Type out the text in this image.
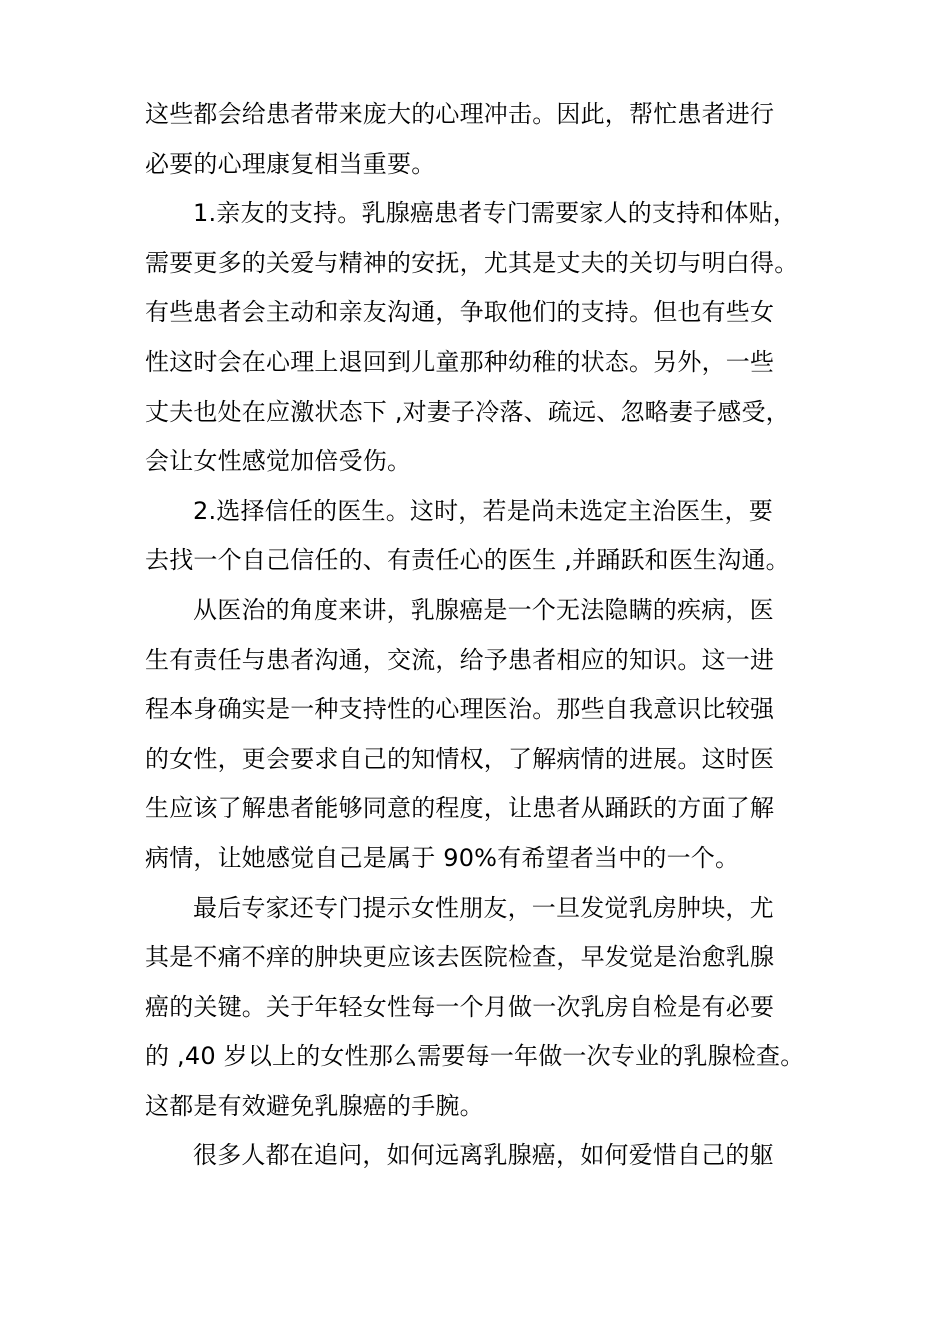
这些都会给患者带来庞大的心理冲击。因此，帮忙患者进行
必要的心理康复相当重要。
1.亲友的支持。乳腺癌患者专门需要家人的支持和体贴，
需要更多的关爱与精神的安抚，尤其是丈夫的关切与明白得。
有些患者会主动和亲友沟通，争取他们的支持。但也有些女
性这时会在心理上退回到儿童那种幼稚的状态。另外，一些
丈夫也处在应激状态下 ,对妻子冷落、疏远、忽略妻子感受，
会让女性感觉加倍受伤。
2.选择信任的医生。这时，若是尚未选定主治医生，要
去找一个自己信任的、有责任心的医生 ,并踊跃和医生沟通。
从医治的角度来讲，乳腺癌是一个无法隐瞒的疾病，医
生有责任与患者沟通，交流，给予患者相应的知识。这一进
程本身确实是一种支持性的心理医治。那些自我意识比较强
的女性，更会要求自己的知情权，了解病情的进展。这时医
生应该了解患者能够同意的程度，让患者从踊跃的方面了解
病情，让她感觉自己是属于 90%有希望者当中的一个。
最后专家还专门提示女性朋友，一旦发觉乳房肿块，尤
其是不痛不痒的肿块更应该去医院检查，早发觉是治愈乳腺
癌的关键。关于年轻女性每一个月做一次乳房自检是有必要
的 ,40 岁以上的女性那么需要每一年做一次专业的乳腺检查。
这都是有效避免乳腺癌的手腕。
很多人都在追问，如何远离乳腺癌，如何爱惜自己的躯
